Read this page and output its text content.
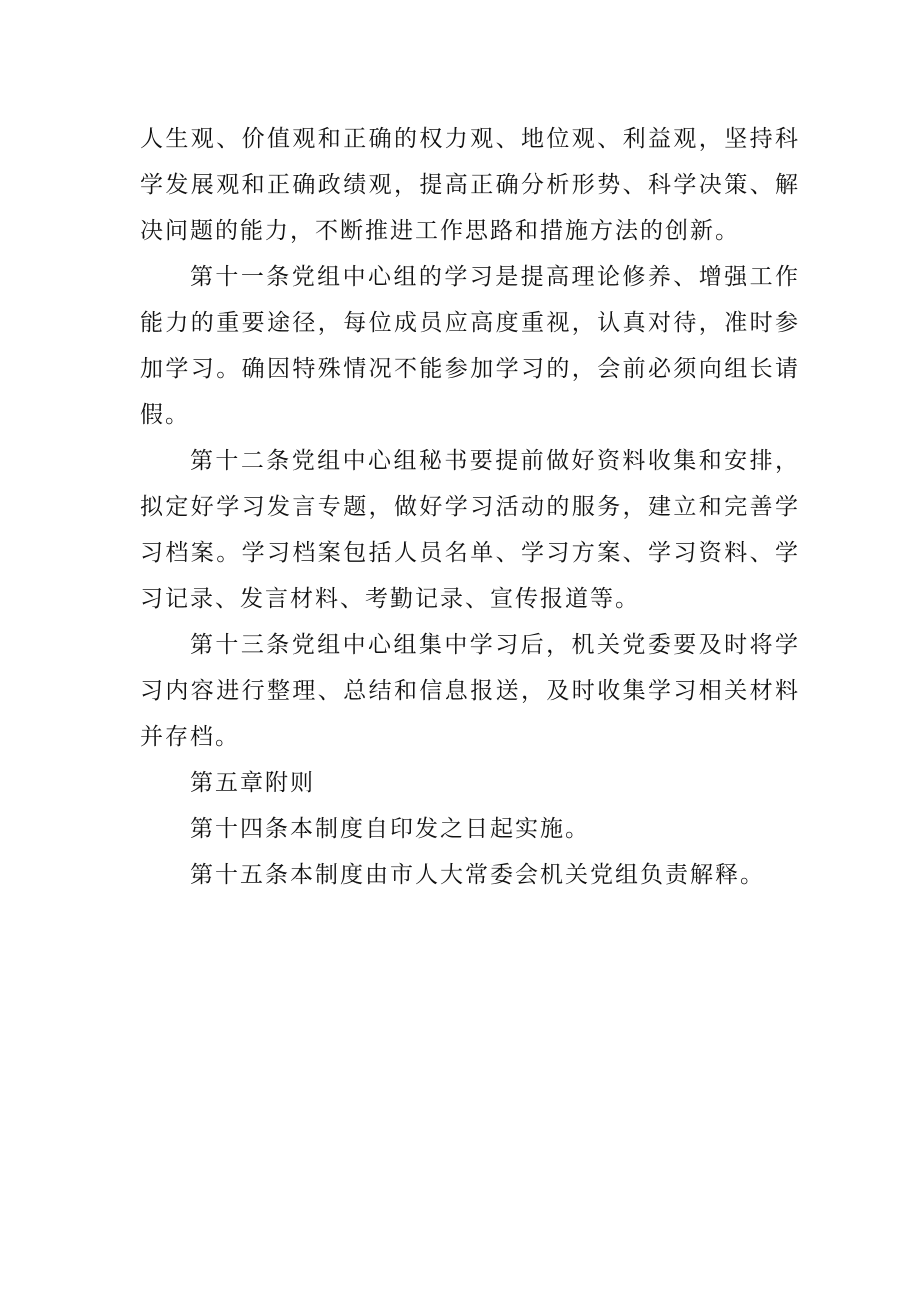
人生观、价值观和正确的权力观、地位观、利益观，坚持科学发展观和正确政绩观，提高正确分析形势、科学决策、解决问题的能力，不断推进工作思路和措施方法的创新。

第十一条党组中心组的学习是提高理论修养、增强工作能力的重要途径，每位成员应高度重视，认真对待，准时参加学习。确因特殊情况不能参加学习的，会前必须向组长请假。

第十二条党组中心组秘书要提前做好资料收集和安排，拟定好学习发言专题，做好学习活动的服务，建立和完善学习档案。学习档案包括人员名单、学习方案、学习资料、学习记录、发言材料、考勤记录、宣传报道等。

第十三条党组中心组集中学习后，机关党委要及时将学习内容进行整理、总结和信息报送，及时收集学习相关材料并存档。

第五章附则

第十四条本制度自印发之日起实施。

第十五条本制度由市人大常委会机关党组负责解释。
